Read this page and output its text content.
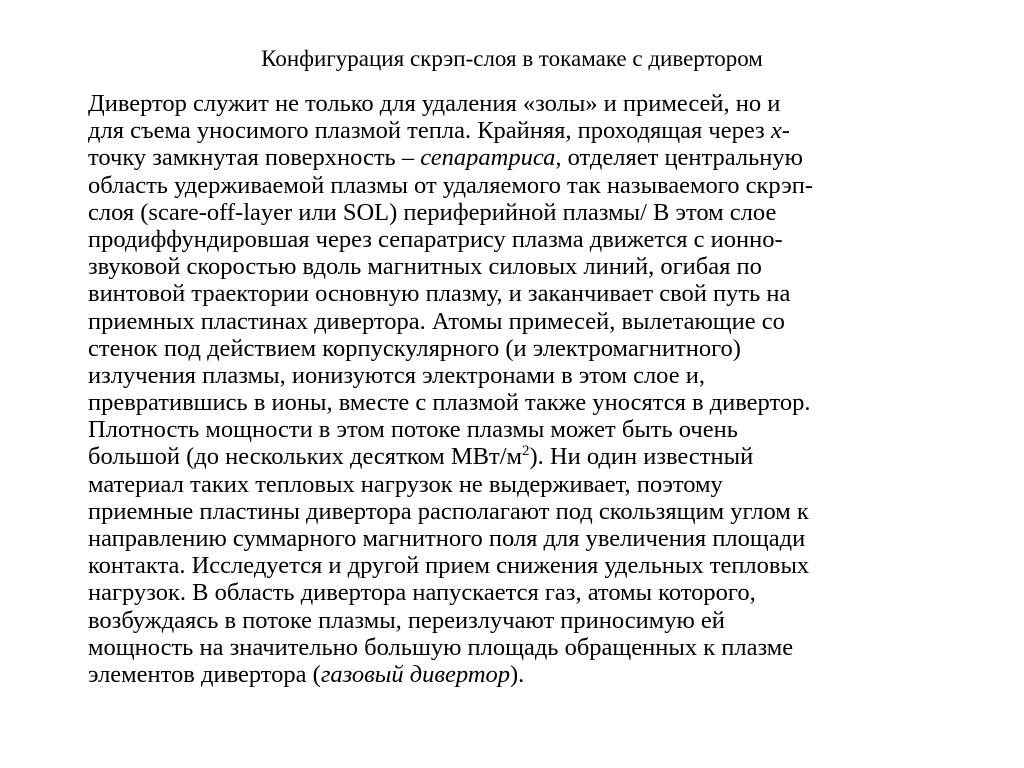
Конфигурация скрэп-слоя в токамаке с дивертором
Дивертор служит не только для удаления «золы» и примесей, но и
для съема уносимого плазмой тепла. Крайняя, проходящая через x-
точку замкнутая поверхность – сепаратриса, отделяет центральную
область удерживаемой плазмы от удаляемого так называемого скрэп-
слоя (scare-off-layer или SOL) периферийной плазмы/ В этом слое
продиффундировшая через сепаратрису плазма движется с ионно-
звуковой скоростью вдоль магнитных силовых линий, огибая по
винтовой траектории основную плазму, и заканчивает свой путь на
приемных пластинах дивертора. Атомы примесей, вылетающие со
стенок под действием корпускулярного (и электромагнитного)
излучения плазмы, ионизуются электронами в этом слое и,
превратившись в ионы, вместе с плазмой также уносятся в дивертор.
Плотность мощности в этом потоке плазмы может быть очень
большой (до нескольких десятком МВт/$м^2$). Ни один известный
материал таких тепловых нагрузок не выдерживает, поэтому
приемные пластины дивертора располагают под скользящим углом к
направлению суммарного магнитного поля для увеличения площади
контакта. Исследуется и другой прием снижения удельных тепловых
нагрузок. В область дивертора напускается газ, атомы которого,
возбуждаясь в потоке плазмы, переизлучают приносимую ей
мощность на значительно большую площадь обращенных к плазме
элементов дивертора (газовый дивертор).
